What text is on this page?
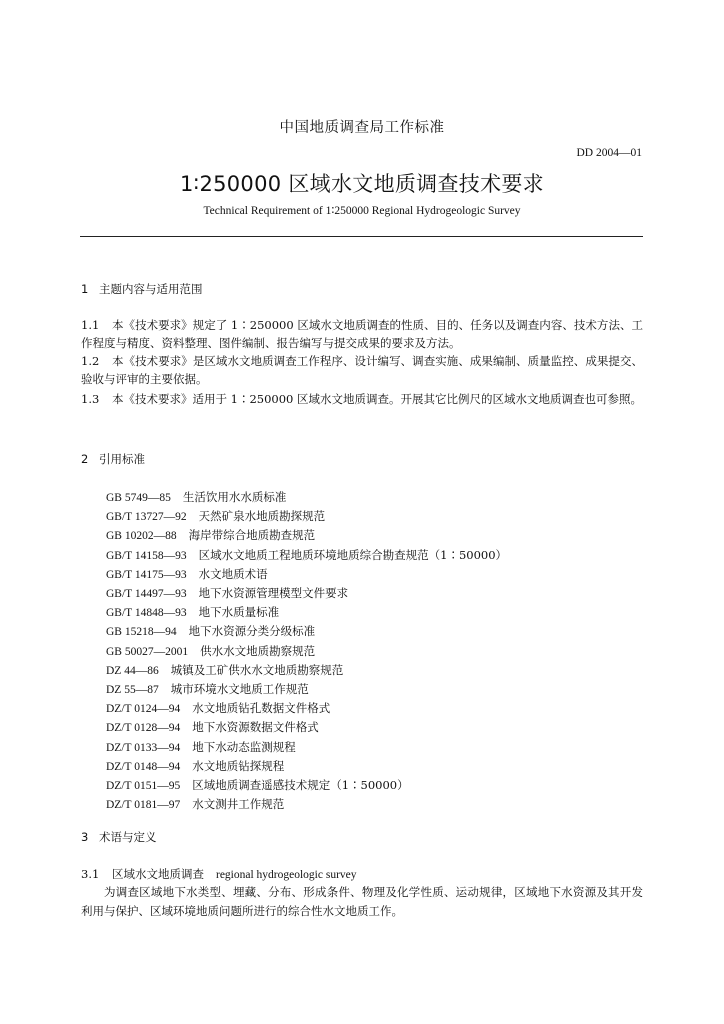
中国地质调查局工作标准
DD 2004—01
1∶250000 区域水文地质调查技术要求
Technical Requirement of 1∶250000 Regional Hydrogeologic Survey
1 主题内容与适用范围
1.1 本《技术要求》规定了 1∶250000 区域水文地质调查的性质、目的、任务以及调查内容、技术方法、工作程度与精度、资料整理、图件编制、报告编写与提交成果的要求及方法。
1.2 本《技术要求》是区域水文地质调查工作程序、设计编写、调查实施、成果编制、质量监控、成果提交、验收与评审的主要依据。
1.3 本《技术要求》适用于 1∶250000 区域水文地质调查。开展其它比例尺的区域水文地质调查也可参照。
2 引用标准
GB 5749—85 生活饮用水水质标准
GB/T 13727—92 天然矿泉水地质勘探规范
GB 10202—88 海岸带综合地质勘查规范
GB/T 14158—93 区域水文地质工程地质环境地质综合勘查规范（1∶50000）
GB/T 14175—93 水文地质术语
GB/T 14497—93 地下水资源管理模型文件要求
GB/T 14848—93 地下水质量标准
GB 15218—94 地下水资源分类分级标准
GB 50027—2001 供水水文地质勘察规范
DZ 44—86 城镇及工矿供水水文地质勘察规范
DZ 55—87 城市环境水文地质工作规范
DZ/T 0124—94 水文地质钻孔数据文件格式
DZ/T 0128—94 地下水资源数据文件格式
DZ/T 0133—94 地下水动态监测规程
DZ/T 0148—94 水文地质钻探规程
DZ/T 0151—95 区域地质调查遥感技术规定（1∶50000）
DZ/T 0181—97 水文测井工作规范
3 术语与定义
3.1 区域水文地质调查 regional hydrogeologic survey
为调查区域地下水类型、埋藏、分布、形成条件、物理及化学性质、运动规律，区域地下水资源及其开发利用与保护、区域环境地质问题所进行的综合性水文地质工作。
